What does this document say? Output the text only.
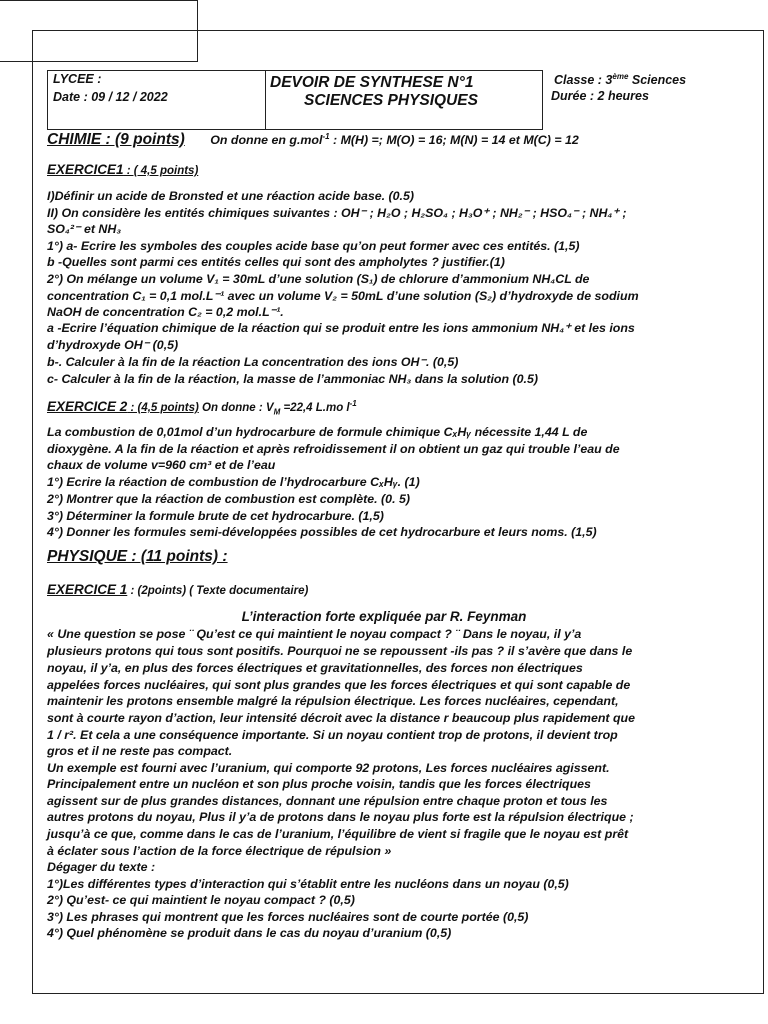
LYCEE :
Date : 09 / 12 / 2022
DEVOIR DE SYNTHESE N°1
SCIENCES PHYSIQUES
Classe : 3ème Sciences
Durée : 2 heures
CHIMIE : (9 points) On donne en g.mol$^{-1}$ : M(H) =; M(O) = 16; M(N) = 14 et M(C) = 12
EXERCICE1 : ( 4,5 points)
I)Définir un acide de Bronsted et une réaction acide base. (0.5)
II) On considère les entités chimiques suivantes : OH⁻ ; H₂O ; H₂SO₄ ; H₃O⁺ ; NH₂⁻ ; HSO₄⁻ ; NH₄⁺ ;
SO₄²⁻ et NH₃
1°) a- Ecrire les symboles des couples acide base qu’on peut former avec ces entités. (1,5)
b -Quelles sont parmi ces entités celles qui sont des ampholytes ? justifier.(1)
2°) On mélange un volume V₁ = 30mL d’une solution (S₁) de chlorure d’ammonium NH₄CL de
concentration C₁ = 0,1 mol.L⁻¹ avec un volume V₂ = 50mL d’une solution (S₂) d’hydroxyde de sodium
NaOH de concentration C₂ = 0,2 mol.L⁻¹.
a -Ecrire l’équation chimique de la réaction qui se produit entre les ions ammonium NH₄⁺ et les ions
d’hydroxyde OH⁻ (0,5)
b-. Calculer à la fin de la réaction La concentration des ions OH⁻. (0,5)
c- Calculer à la fin de la réaction, la masse de l’ammoniac NH₃ dans la solution (0.5)
EXERCICE 2 : (4,5 points) On donne : $V_M =22,4$ L.mo $l^{-1}$
La combustion de 0,01mol d’un hydrocarbure de formule chimique CₓHᵧ nécessite 1,44 L de
dioxygène. A la fin de la réaction et après refroidissement il on obtient un gaz qui trouble l’eau de
chaux de volume v=960 cm³ et de l’eau
1°) Ecrire la réaction de combustion de l’hydrocarbure CₓHᵧ. (1)
2°) Montrer que la réaction de combustion est complète. (0. 5)
3°) Déterminer la formule brute de cet hydrocarbure. (1,5)
4°) Donner les formules semi-développées possibles de cet hydrocarbure et leurs noms. (1,5)
PHYSIQUE : (11 points) :
EXERCICE 1 : (2points) ( Texte documentaire)
L’interaction forte expliquée par R. Feynman
« Une question se pose ¨ Qu’est ce qui maintient le noyau compact ? ¨ Dans le noyau, il y’a
plusieurs protons qui tous sont positifs. Pourquoi ne se repoussent -ils pas ? il s’avère que dans le
noyau, il y’a, en plus des forces électriques et gravitationnelles, des forces non électriques
appelées forces nucléaires, qui sont plus grandes que les forces électriques et qui sont capable de
maintenir les protons ensemble malgré la répulsion électrique. Les forces nucléaires, cependant,
sont à courte rayon d’action, leur intensité décroit avec la distance r beaucoup plus rapidement que
1 / r². Et cela a une conséquence importante. Si un noyau contient trop de protons, il devient trop
gros et il ne reste pas compact.
Un exemple est fourni avec l’uranium, qui comporte 92 protons, Les forces nucléaires agissent.
Principalement entre un nucléon et son plus proche voisin, tandis que les forces électriques
agissent sur de plus grandes distances, donnant une répulsion entre chaque proton et tous les
autres protons du noyau, Plus il y’a de protons dans le noyau plus forte est la répulsion électrique ;
jusqu’à ce que, comme dans le cas de l’uranium, l’équilibre de vient si fragile que le noyau est prêt
à éclater sous l’action de la force électrique de répulsion »
Dégager du texte :
1°)Les différentes types d’interaction qui s’établit entre les nucléons dans un noyau (0,5)
2°) Qu’est- ce qui maintient le noyau compact ? (0,5)
3°) Les phrases qui montrent que les forces nucléaires sont de courte portée (0,5)
4°) Quel phénomène se produit dans le cas du noyau d’uranium (0,5)
